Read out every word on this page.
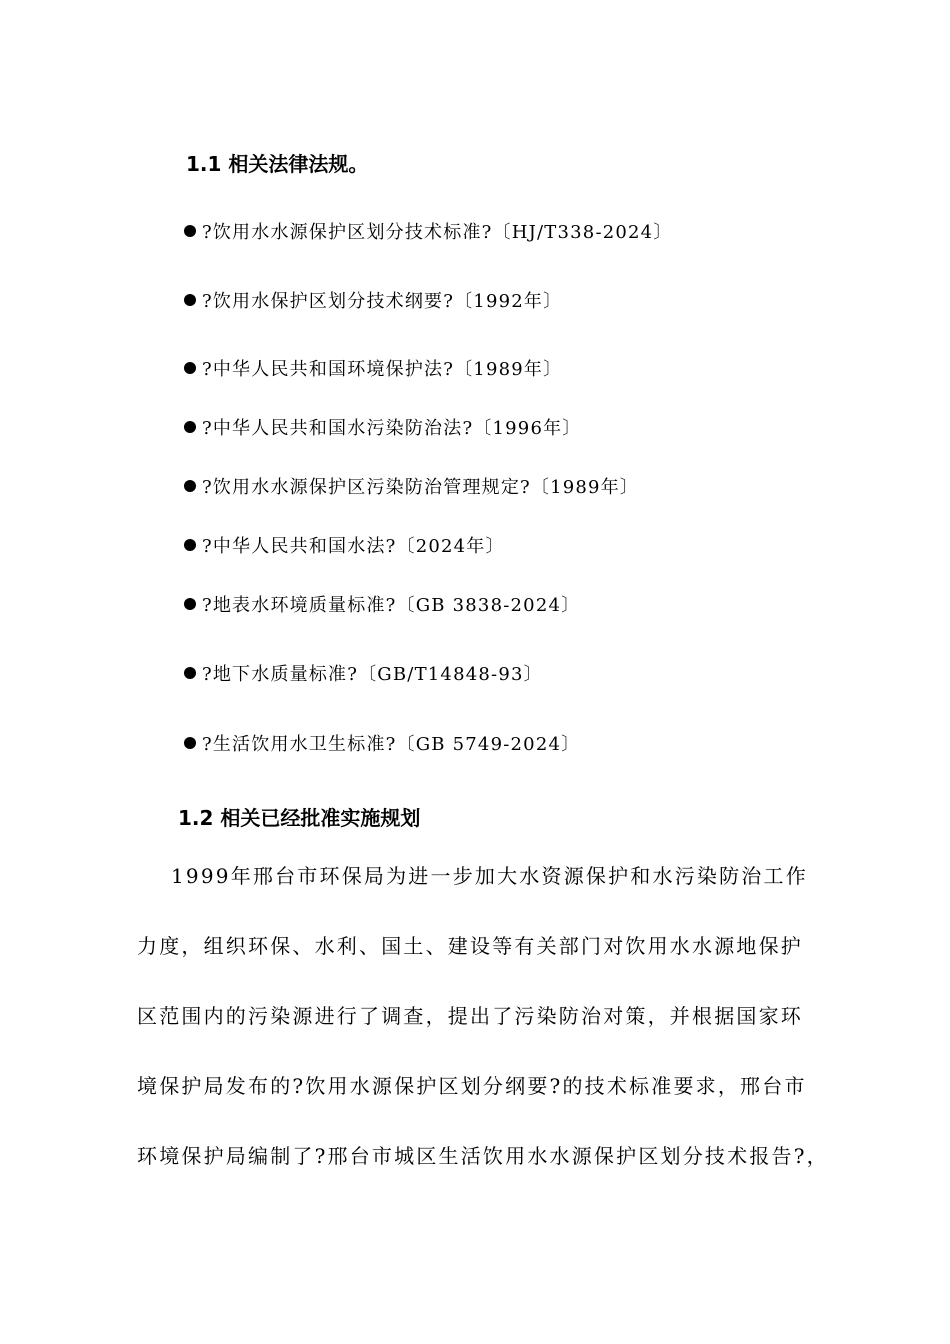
1.1 相关法律法规。
?饮用水水源保护区划分技术标准?〔HJ/T338-2024〕
?饮用水保护区划分技术纲要?〔1992年〕
?中华人民共和国环境保护法?〔1989年〕
?中华人民共和国水污染防治法?〔1996年〕
?饮用水水源保护区污染防治管理规定?〔1989年〕
?中华人民共和国水法?〔2024年〕
?地表水环境质量标准?〔GB 3838-2024〕
?地下水质量标准?〔GB/T14848-93〕
?生活饮用水卫生标准?〔GB 5749-2024〕
1.2 相关已经批准实施规划
1999年邢台市环保局为进一步加大水资源保护和水污染防治工作
力度，组织环保、水利、国土、建设等有关部门对饮用水水源地保护
区范围内的污染源进行了调查，提出了污染防治对策，并根据国家环
境保护局发布的?饮用水源保护区划分纲要?的技术标准要求，邢台市
环境保护局编制了?邢台市城区生活饮用水水源保护区划分技术报告?，
